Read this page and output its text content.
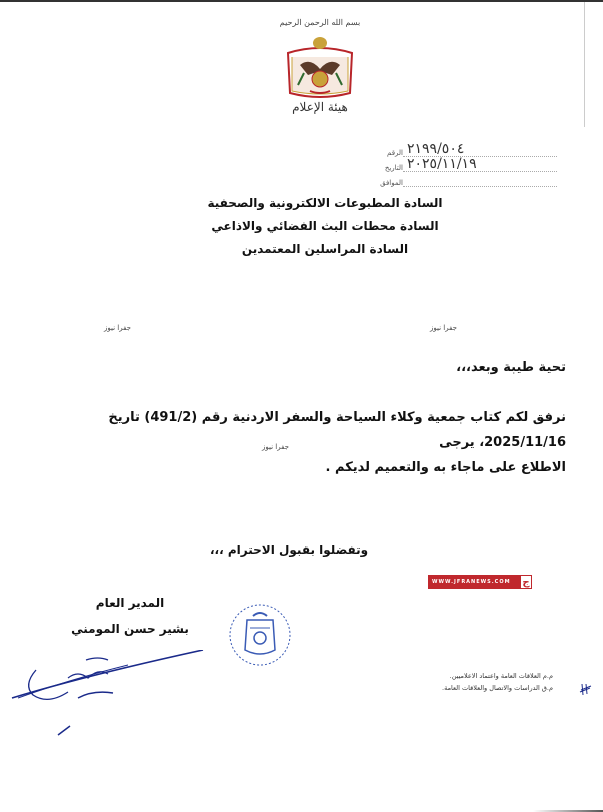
بسم الله الرحمن الرحيم
هيئة الإعلام
الرقم ٢١٩٩/٥٠٤
التاريخ ٢٠٢٥/١١/١٩
الموافق
السادة المطبوعات الالكترونية والصحفية
السادة محطات البث الفضائي والاذاعي
السادة المراسلين المعتمدين
جفرا نيوز	جفرا نيوز
جفرا نيوز
تحية طيبة وبعد،،،
نرفق لكم كتاب جمعية وكلاء السياحة والسفر الاردنية رقم (491/2) تاريخ 2025/11/16، يرجى
الاطلاع على ماجاء به والتعميم لديكم .
وتفضلوا بقبول الاحترام ،،،
المدير العام
بشير حسن المومني
WWW.JFRANEWS.COM ج
م.م العلاقات العامة واعتماد الاعلاميين.
م.ق الدراسات والاتصال والعلاقات العامة.
